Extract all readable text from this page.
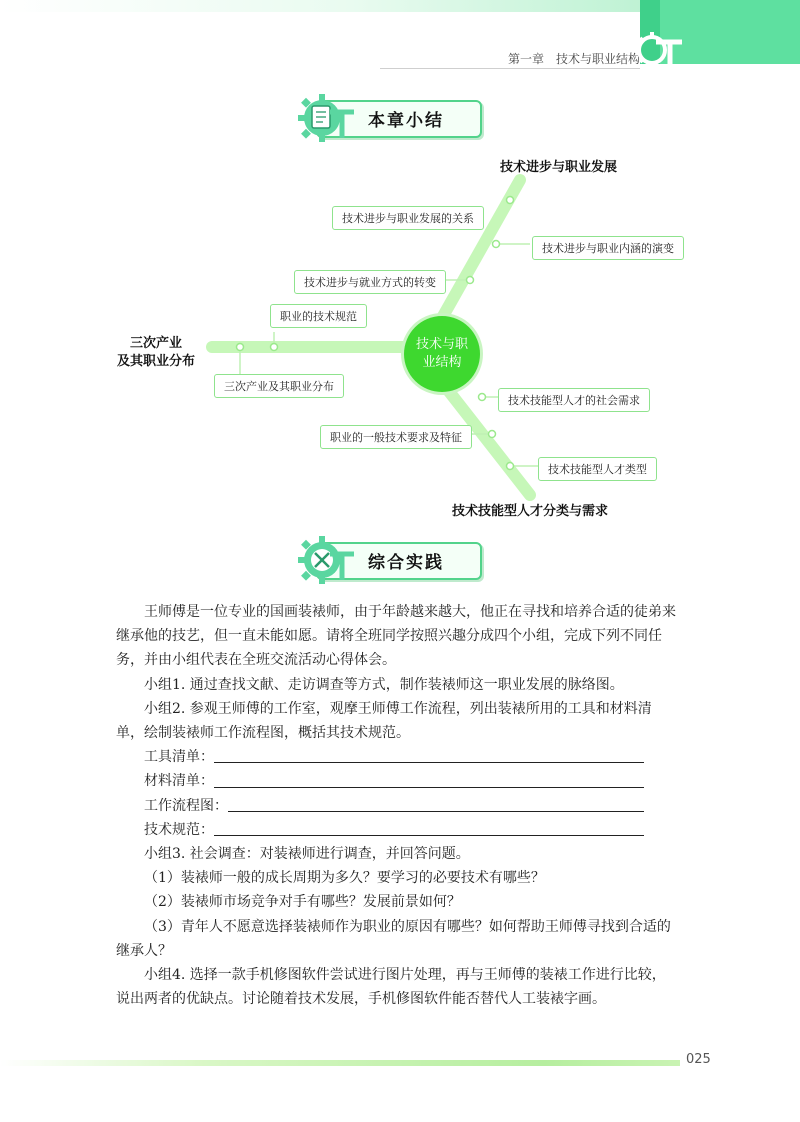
第一章　技术与职业结构
本章小结
技术进步与职业发展
技术进步与职业发展的关系
技术进步与职业内涵的演变
技术进步与就业方式的转变
三次产业
及其职业分布
职业的技术规范
三次产业及其职业分布
技术与职
业结构
技术技能型人才的社会需求
职业的一般技术要求及特征
技术技能型人才类型
技术技能型人才分类与需求
综合实践

王师傅是一位专业的国画装裱师，由于年龄越来越大，他正在寻找和培养合适的徒弟来继承他的技艺，但一直未能如愿。请将全班同学按照兴趣分成四个小组，完成下列不同任务，并由小组代表在全班交流活动心得体会。

小组1. 通过查找文献、走访调查等方式，制作装裱师这一职业发展的脉络图。

小组2. 参观王师傅的工作室，观摩王师傅工作流程，列出装裱所用的工具和材料清单，绘制装裱师工作流程图，概括其技术规范。

工具清单：
材料清单：
工作流程图：
技术规范：

小组3. 社会调查：对装裱师进行调查，并回答问题。

（1）装裱师一般的成长周期为多久？要学习的必要技术有哪些？

（2）装裱师市场竞争对手有哪些？发展前景如何？

（3）青年人不愿意选择装裱师作为职业的原因有哪些？如何帮助王师傅寻找到合适的继承人？

小组4. 选择一款手机修图软件尝试进行图片处理，再与王师傅的装裱工作进行比较，说出两者的优缺点。讨论随着技术发展，手机修图软件能否替代人工装裱字画。

025
